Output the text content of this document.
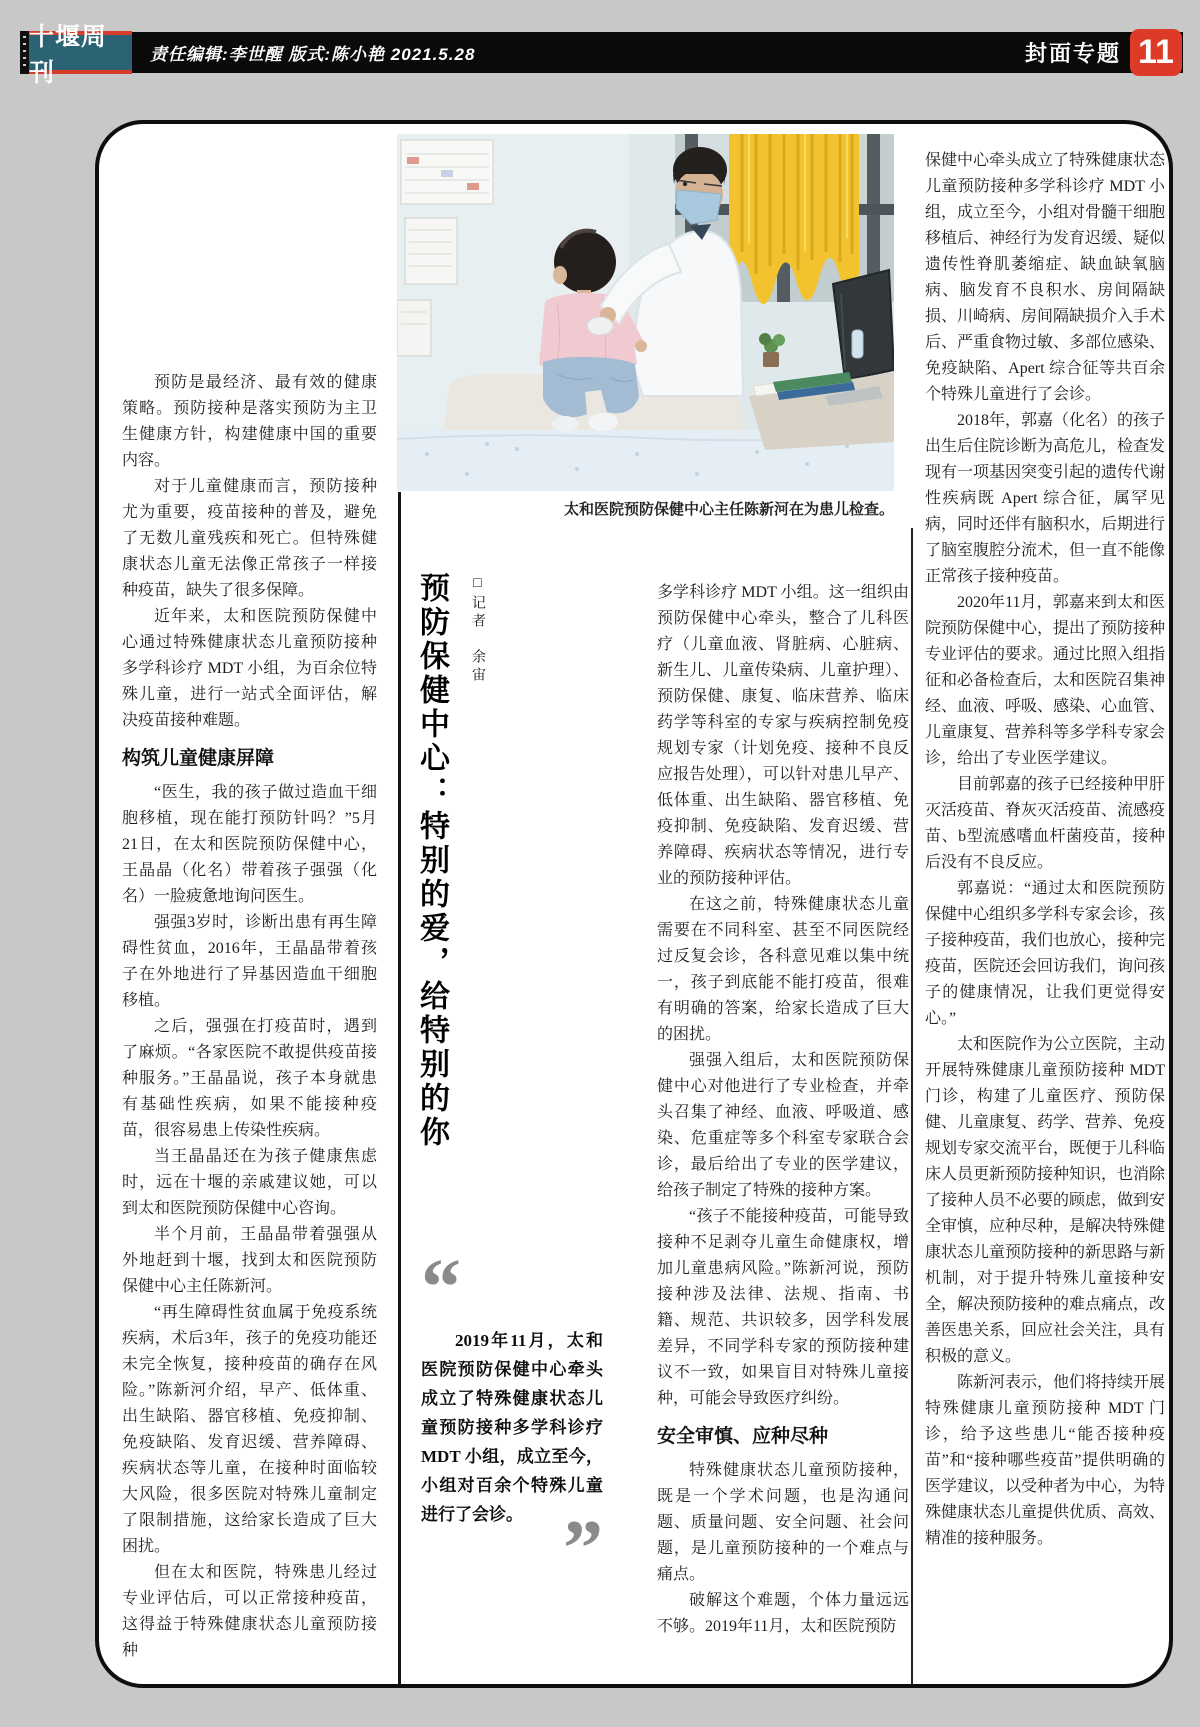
十堰周刊
责任编辑:李世醒 版式:陈小艳 2021.5.28	封面专题 11
太和医院预防保健中心主任陈新河在为患儿检查。
预防保健中心：特别的爱，给特别的你	□记者　余宙
“

2019年11月，太和医院预防保健中心牵头成立了特殊健康状态儿童预防接种多学科诊疗 MDT 小组，成立至今，小组对百余个特殊儿童进行了会诊。 ”

预防是最经济、最有效的健康策略。预防接种是落实预防为主卫生健康方针，构建健康中国的重要内容。

对于儿童健康而言，预防接种尤为重要，疫苗接种的普及，避免了无数儿童残疾和死亡。但特殊健康状态儿童无法像正常孩子一样接种疫苗，缺失了很多保障。

近年来，太和医院预防保健中心通过特殊健康状态儿童预防接种多学科诊疗 MDT 小组，为百余位特殊儿童，进行一站式全面评估，解决疫苗接种难题。

构筑儿童健康屏障

“医生，我的孩子做过造血干细胞移植，现在能打预防针吗？”5月21日，在太和医院预防保健中心，王晶晶（化名）带着孩子强强（化名）一脸疲惫地询问医生。

强强3岁时，诊断出患有再生障碍性贫血，2016年，王晶晶带着孩子在外地进行了异基因造血干细胞移植。

之后，强强在打疫苗时，遇到了麻烦。“各家医院不敢提供疫苗接种服务。”王晶晶说，孩子本身就患有基础性疾病，如果不能接种疫苗，很容易患上传染性疾病。

当王晶晶还在为孩子健康焦虑时，远在十堰的亲戚建议她，可以到太和医院预防保健中心咨询。

半个月前，王晶晶带着强强从外地赶到十堰，找到太和医院预防保健中心主任陈新河。

“再生障碍性贫血属于免疫系统疾病，术后3年，孩子的免疫功能还未完全恢复，接种疫苗的确存在风险。”陈新河介绍，早产、低体重、出生缺陷、器官移植、免疫抑制、免疫缺陷、发育迟缓、营养障碍、疾病状态等儿童，在接种时面临较大风险，很多医院对特殊儿童制定了限制措施，这给家长造成了巨大困扰。

但在太和医院，特殊患儿经过专业评估后，可以正常接种疫苗，这得益于特殊健康状态儿童预防接种

多学科诊疗 MDT 小组。这一组织由预防保健中心牵头，整合了儿科医疗（儿童血液、肾脏病、心脏病、新生儿、儿童传染病、儿童护理）、预防保健、康复、临床营养、临床药学等科室的专家与疾病控制免疫规划专家（计划免疫、接种不良反应报告处理），可以针对患儿早产、低体重、出生缺陷、器官移植、免疫抑制、免疫缺陷、发育迟缓、营养障碍、疾病状态等情况，进行专业的预防接种评估。

在这之前，特殊健康状态儿童需要在不同科室、甚至不同医院经过反复会诊，各科意见难以集中统一，孩子到底能不能打疫苗，很难有明确的答案，给家长造成了巨大的困扰。

强强入组后，太和医院预防保健中心对他进行了专业检查，并牵头召集了神经、血液、呼吸道、感染、危重症等多个科室专家联合会诊，最后给出了专业的医学建议，给孩子制定了特殊的接种方案。

“孩子不能接种疫苗，可能导致接种不足剥夺儿童生命健康权，增加儿童患病风险。”陈新河说，预防接种涉及法律、法规、指南、书籍、规范、共识较多，因学科发展差异，不同学科专家的预防接种建议不一致，如果盲目对特殊儿童接种，可能会导致医疗纠纷。

安全审慎、应种尽种

特殊健康状态儿童预防接种，既是一个学术问题，也是沟通问题、质量问题、安全问题、社会问题，是儿童预防接种的一个难点与痛点。

破解这个难题，个体力量远远不够。2019年11月，太和医院预防

保健中心牵头成立了特殊健康状态儿童预防接种多学科诊疗 MDT 小组，成立至今，小组对骨髓干细胞移植后、神经行为发育迟缓、疑似遗传性脊肌萎缩症、缺血缺氧脑病、脑发育不良积水、房间隔缺损、川崎病、房间隔缺损介入手术后、严重食物过敏、多部位感染、免疫缺陷、Apert 综合征等共百余个特殊儿童进行了会诊。

2018年，郭嘉（化名）的孩子出生后住院诊断为高危儿，检查发现有一项基因突变引起的遗传代谢性疾病既 Apert 综合征，属罕见病，同时还伴有脑积水，后期进行了脑室腹腔分流术，但一直不能像正常孩子接种疫苗。

2020年11月，郭嘉来到太和医院预防保健中心，提出了预防接种专业评估的要求。通过比照入组指征和必备检查后，太和医院召集神经、血液、呼吸、感染、心血管、儿童康复、营养科等多学科专家会诊，给出了专业医学建议。

目前郭嘉的孩子已经接种甲肝灭活疫苗、脊灰灭活疫苗、流感疫苗、b型流感嗜血杆菌疫苗，接种后没有不良反应。

郭嘉说：“通过太和医院预防保健中心组织多学科专家会诊，孩子接种疫苗，我们也放心，接种完疫苗，医院还会回访我们，询问孩子的健康情况，让我们更觉得安心。”

太和医院作为公立医院，主动开展特殊健康儿童预防接种 MDT 门诊，构建了儿童医疗、预防保健、儿童康复、药学、营养、免疫规划专家交流平台，既便于儿科临床人员更新预防接种知识，也消除了接种人员不必要的顾虑，做到安全审慎，应种尽种，是解决特殊健康状态儿童预防接种的新思路与新机制，对于提升特殊儿童接种安全，解决预防接种的难点痛点，改善医患关系，回应社会关注，具有积极的意义。

陈新河表示，他们将持续开展特殊健康儿童预防接种 MDT 门诊，给予这些患儿“能否接种疫苗”和“接种哪些疫苗”提供明确的医学建议，以受种者为中心，为特殊健康状态儿童提供优质、高效、精准的接种服务。
